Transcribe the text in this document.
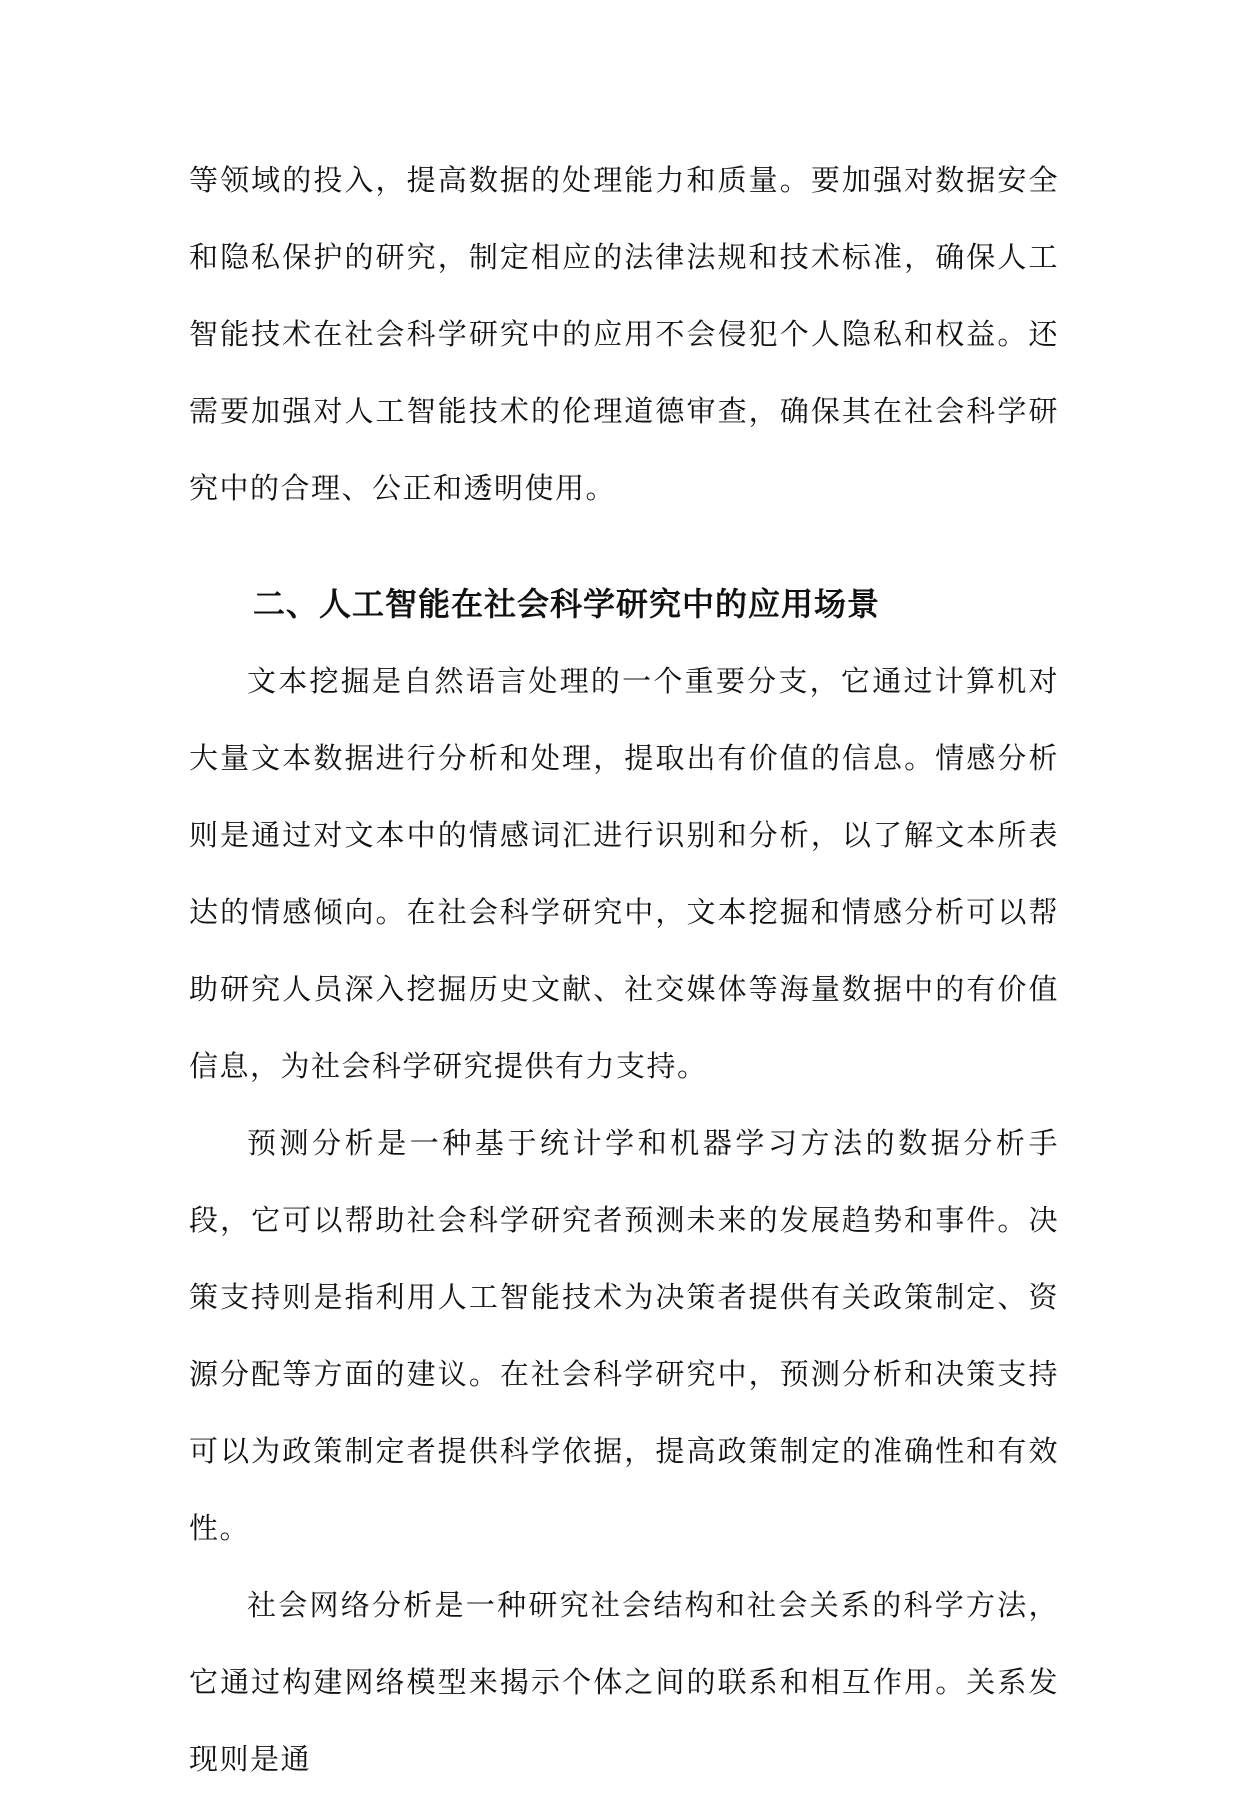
等领域的投入，提高数据的处理能力和质量。要加强对数据安全和隐私保护的研究，制定相应的法律法规和技术标准，确保人工智能技术在社会科学研究中的应用不会侵犯个人隐私和权益。还需要加强对人工智能技术的伦理道德审查，确保其在社会科学研究中的合理、公正和透明使用。

二、人工智能在社会科学研究中的应用场景

文本挖掘是自然语言处理的一个重要分支，它通过计算机对大量文本数据进行分析和处理，提取出有价值的信息。情感分析则是通过对文本中的情感词汇进行识别和分析，以了解文本所表达的情感倾向。在社会科学研究中，文本挖掘和情感分析可以帮助研究人员深入挖掘历史文献、社交媒体等海量数据中的有价值信息，为社会科学研究提供有力支持。

预测分析是一种基于统计学和机器学习方法的数据分析手段，它可以帮助社会科学研究者预测未来的发展趋势和事件。决策支持则是指利用人工智能技术为决策者提供有关政策制定、资源分配等方面的建议。在社会科学研究中，预测分析和决策支持可以为政策制定者提供科学依据，提高政策制定的准确性和有效性。

社会网络分析是一种研究社会结构和社会关系的科学方法，它通过构建网络模型来揭示个体之间的联系和相互作用。关系发现则是通
